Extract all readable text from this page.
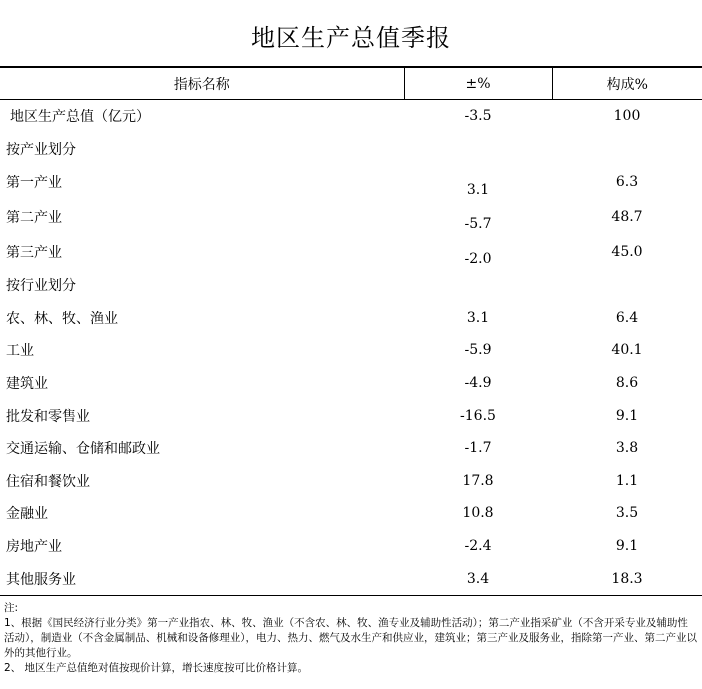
地区生产总值季报
指标名称	±%	构成%
地区生产总值（亿元）	-3.5	100
按产业划分		
第一产业	3.1	6.3
第二产业	-5.7	48.7
第三产业	-2.0	45.0
按行业划分		
农、林、牧、渔业	3.1	6.4
工业	-5.9	40.1
建筑业	-4.9	8.6
批发和零售业	-16.5	9.1
交通运输、仓储和邮政业	-1.7	3.8
住宿和餐饮业	17.8	1.1
金融业	10.8	3.5
房地产业	-2.4	9.1
其他服务业	3.4	18.3
注:
1、根据《国民经济行业分类》第一产业指农、林、牧、渔业（不含农、林、牧、渔专业及辅助性活动）；第二产业指采矿业（不含开采专业及辅助性活动），制造业（不含金属制品、机械和设备修理业），电力、热力、燃气及水生产和供应业，建筑业；第三产业及服务业，指除第一产业、第二产业以外的其他行业。
2、 地区生产总值绝对值按现价计算，增长速度按可比价格计算。
